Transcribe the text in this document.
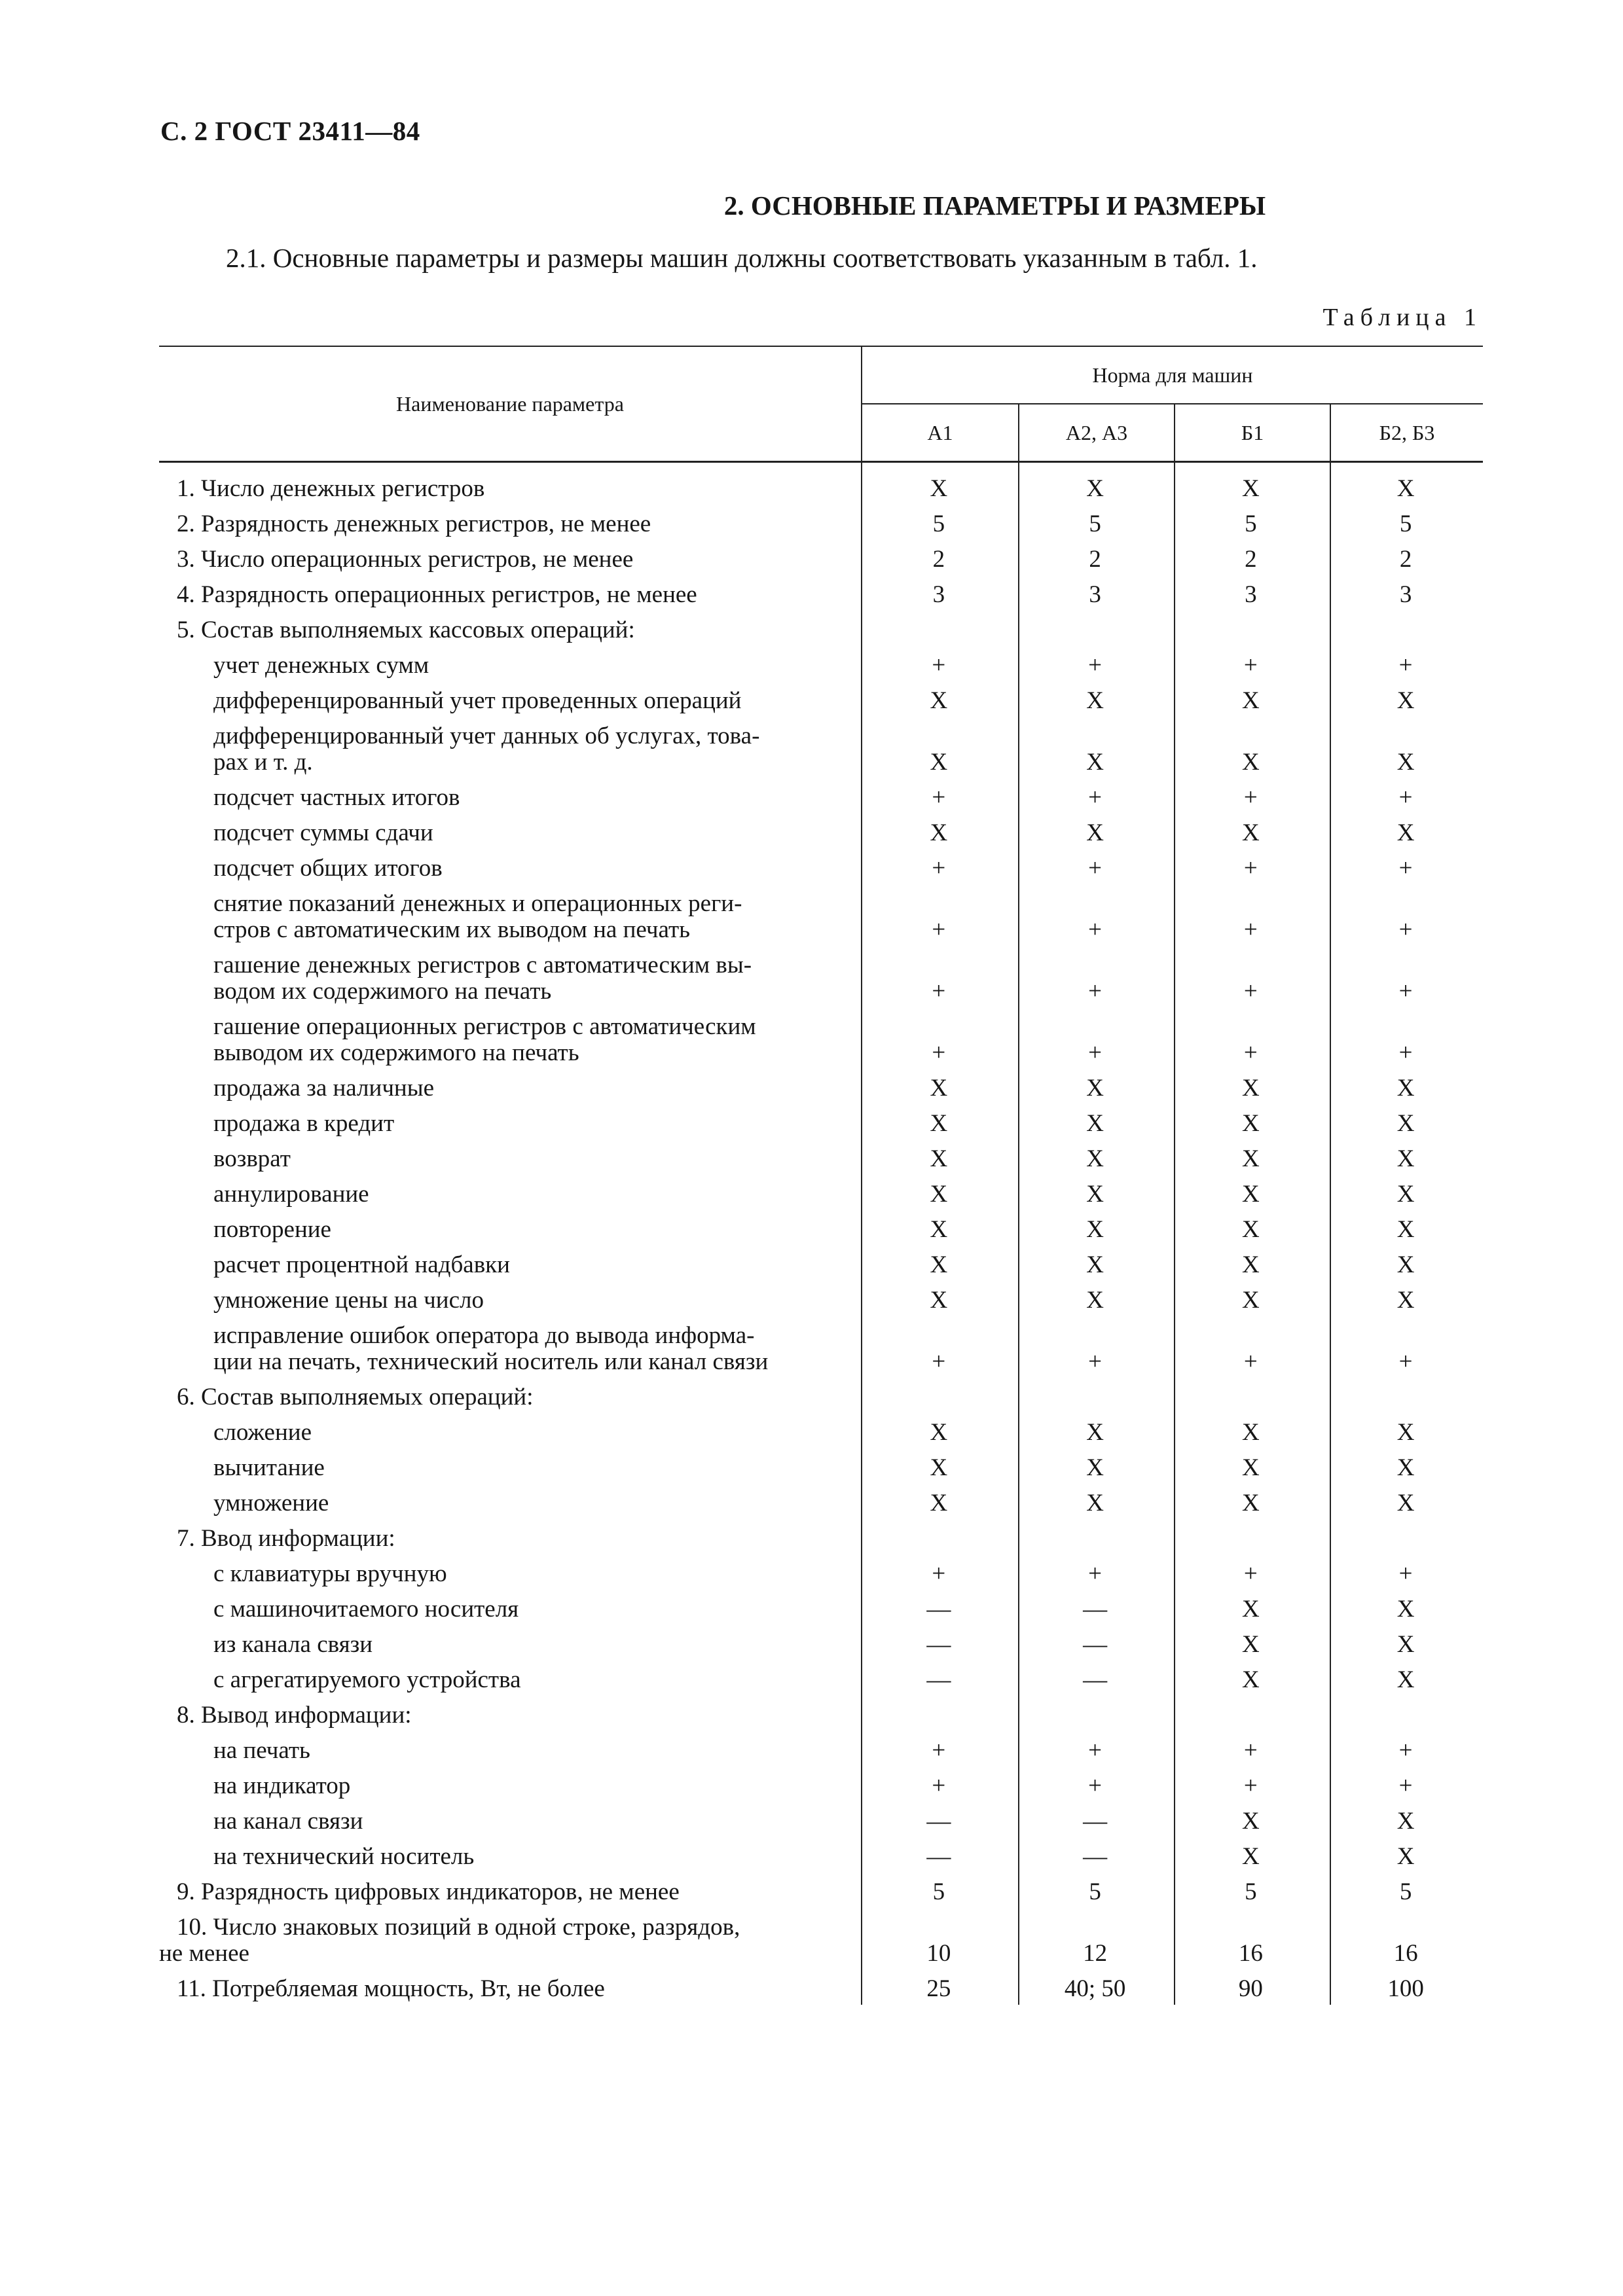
С. 2 ГОСТ 23411—84
2. ОСНОВНЫЕ ПАРАМЕТРЫ И РАЗМЕРЫ
2.1. Основные параметры и размеры машин должны соответствовать указанным в табл. 1.
Таблица 1
Наименование параметра
Норма для машин
А1	А2, А3	Б1	Б2, Б3
1. Число денежных регистров	X	X	X	X
2. Разрядность денежных регистров, не менее	5	5	5	5
3. Число операционных регистров, не менее	2	2	2	2
4. Разрядность операционных регистров, не менее	3	3	3	3
5. Состав выполняемых кассовых операций:
учет денежных сумм	+	+	+	+
дифференцированный учет проведенных операций	X	X	X	X
дифференцированный учет данных об услугах, това-
рах и т. д.	X	X	X	X
подсчет частных итогов	+	+	+	+
подсчет суммы сдачи	X	X	X	X
подсчет общих итогов	+	+	+	+
снятие показаний денежных и операционных реги-
стров с автоматическим их выводом на печать	+	+	+	+
гашение денежных регистров с автоматическим вы-
водом их содержимого на печать	+	+	+	+
гашение операционных регистров с автоматическим
выводом их содержимого на печать	+	+	+	+
продажа за наличные	X	X	X	X
продажа в кредит	X	X	X	X
возврат	X	X	X	X
аннулирование	X	X	X	X
повторение	X	X	X	X
расчет процентной надбавки	X	X	X	X
умножение цены на число	X	X	X	X
исправление ошибок оператора до вывода информа-
ции на печать, технический носитель или канал связи	+	+	+	+
6. Состав выполняемых операций:
сложение	X	X	X	X
вычитание	X	X	X	X
умножение	X	X	X	X
7. Ввод информации:
с клавиатуры вручную	+	+	+	+
с машиночитаемого носителя	—	—	X	X
из канала связи	—	—	X	X
с агрегатируемого устройства	—	—	X	X
8. Вывод информации:
на печать	+	+	+	+
на индикатор	+	+	+	+
на канал связи	—	—	X	X
на технический носитель	—	—	X	X
9. Разрядность цифровых индикаторов, не менее	5	5	5	5
10. Число знаковых позиций в одной строке, разрядов,
не менее	10	12	16	16
11. Потребляемая мощность, Вт, не более	25	40; 50	90	100
